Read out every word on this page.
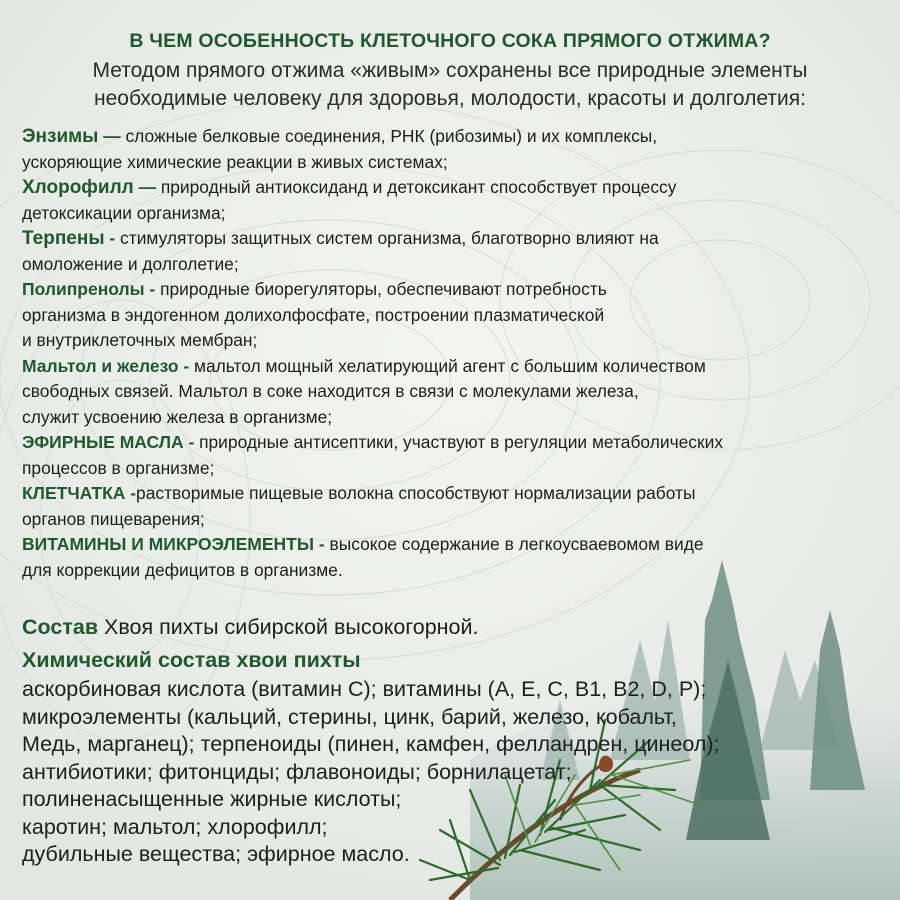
В ЧЕМ ОСОБЕННОСТЬ КЛЕТОЧНОГО СОКА ПРЯМОГО ОТЖИМА?
Методом прямого отжима «живым» сохранены все природные элементы
необходимые человеку для здоровья, молодости, красоты и долголетия:
Энзимы — сложные белковые соединения, РНК (рибозимы) и их комплексы,
ускоряющие химические реакции в живых системах;
Хлорофилл — природный антиоксиданд и детоксикант способствует процессу
детоксикации организма;
Терпены - стимуляторы защитных систем организма, благотворно влияют на
омоложение и долголетие;
Полипренолы - природные биорегуляторы, обеспечивают потребность
организма в эндогенном долихолфосфате, построении плазматической
и внутриклеточных мембран;
Мальтол и железо - мальтол мощный хелатирующий агент с большим количеством
свободных связей. Мальтол в соке находится в связи с молекулами железа,
служит усвоению железа в организме;
ЭФИРНЫЕ МАСЛА - природные антисептики, участвуют в регуляции метаболических
процессов в организме;
КЛЕТЧАТКА -растворимые пищевые волокна способствуют нормализации работы
органов пищеварения;
ВИТАМИНЫ И МИКРОЭЛЕМЕНТЫ - высокое содержание в легкоусваевомом виде
для коррекции дефицитов в организме.
Состав Хвоя пихты сибирской высокогорной.
Химический состав хвои пихты
аскорбиновая кислота (витамин С); витамины (А, Е, С, В1, В2, D, Р);
микроэлементы (кальций, стерины, цинк, барий, железо, кобальт,
Медь, марганец); терпеноиды (пинен, камфен, фелландрен, цинеол);
антибиотики; фитонциды; флавоноиды; борнилацетат;
полиненасыщенные жирные кислоты;
каротин; мальтол; хлорофилл;
дубильные вещества; эфирное масло.
